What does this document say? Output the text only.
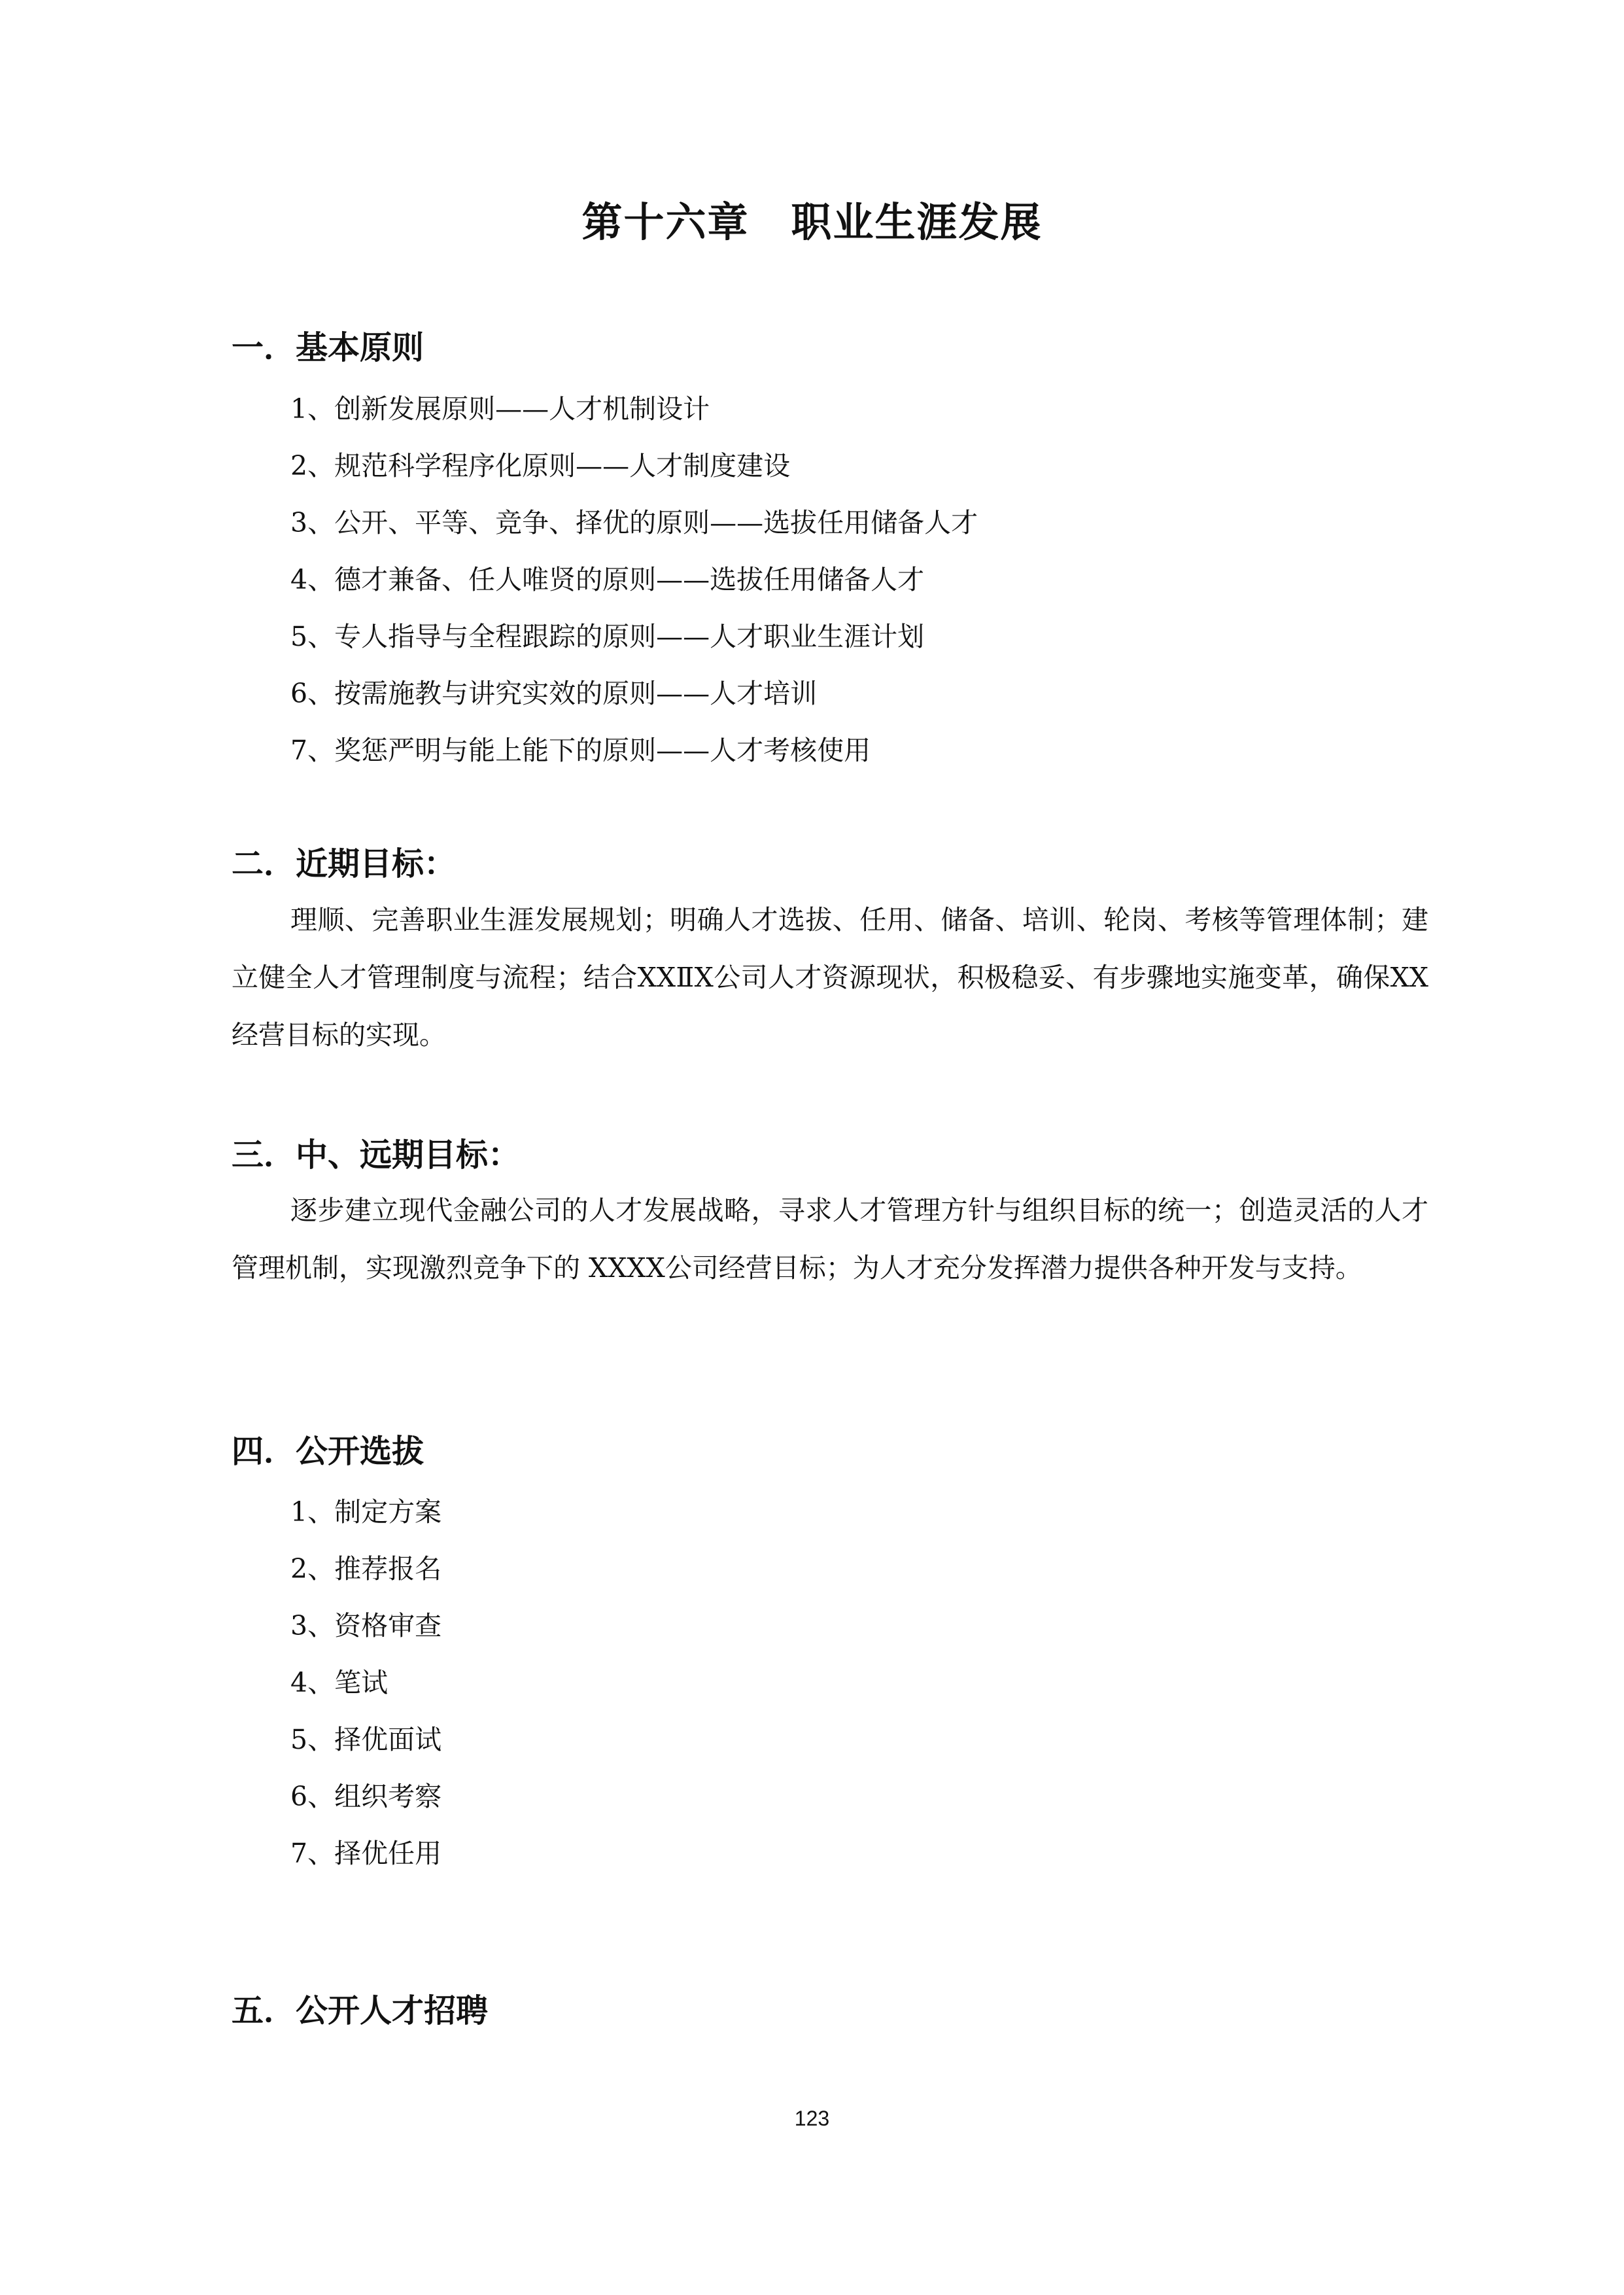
第十六章　职业生涯发展
一．基本原则

1、创新发展原则——人才机制设计

2、规范科学程序化原则——人才制度建设

3、公开、平等、竞争、择优的原则——选拔任用储备人才

4、德才兼备、任人唯贤的原则——选拔任用储备人才

5、专人指导与全程跟踪的原则——人才职业生涯计划

6、按需施教与讲究实效的原则——人才培训

7、奖惩严明与能上能下的原则——人才考核使用

二．近期目标：

理顺、完善职业生涯发展规划；明确人才选拔、任用、储备、培训、轮岗、考核等管理体制；建立健全人才管理制度与流程；结合XXⅡX公司人才资源现状，积极稳妥、有步骤地实施变革，确保XX经营目标的实现。

三．中、远期目标：

逐步建立现代金融公司的人才发展战略，寻求人才管理方针与组织目标的统一；创造灵活的人才管理机制，实现激烈竞争下的 XXXX公司经营目标；为人才充分发挥潜力提供各种开发与支持。

四．公开选拔

1、制定方案

2、推荐报名

3、资格审查

4、笔试

5、择优面试

6、组织考察

7、择优任用

五．公开人才招聘

123
